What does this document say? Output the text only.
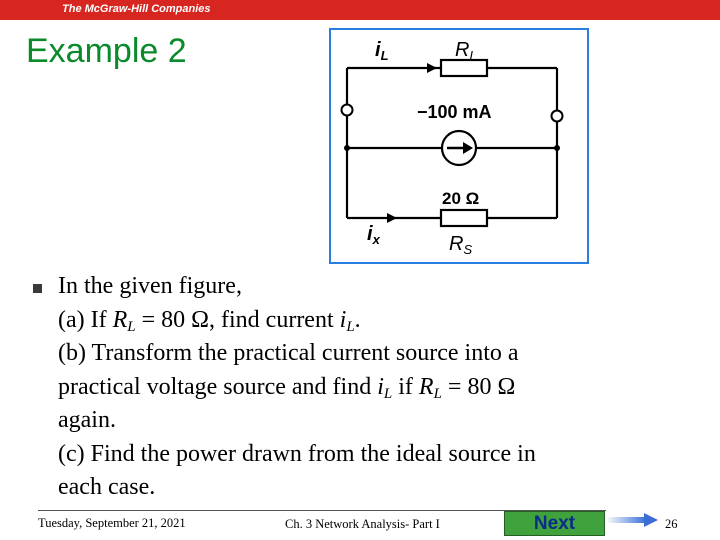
The McGraw-Hill Companies
Example 2	$i_L$	$R_L$
−100 mA
20 Ω
$i_x$	$R_S$
In the given figure,
(a) If $R_L = 80$ Ω, find current $i_L$.
(b) Transform the practical current source into a
practical voltage source and find $i_L$ if $R_L = 80$ Ω
again.
(c) Find the power drawn from the ideal source in
each case.
Tuesday, September 21, 2021	Ch. 3 Network Analysis- Part I	Next	26
